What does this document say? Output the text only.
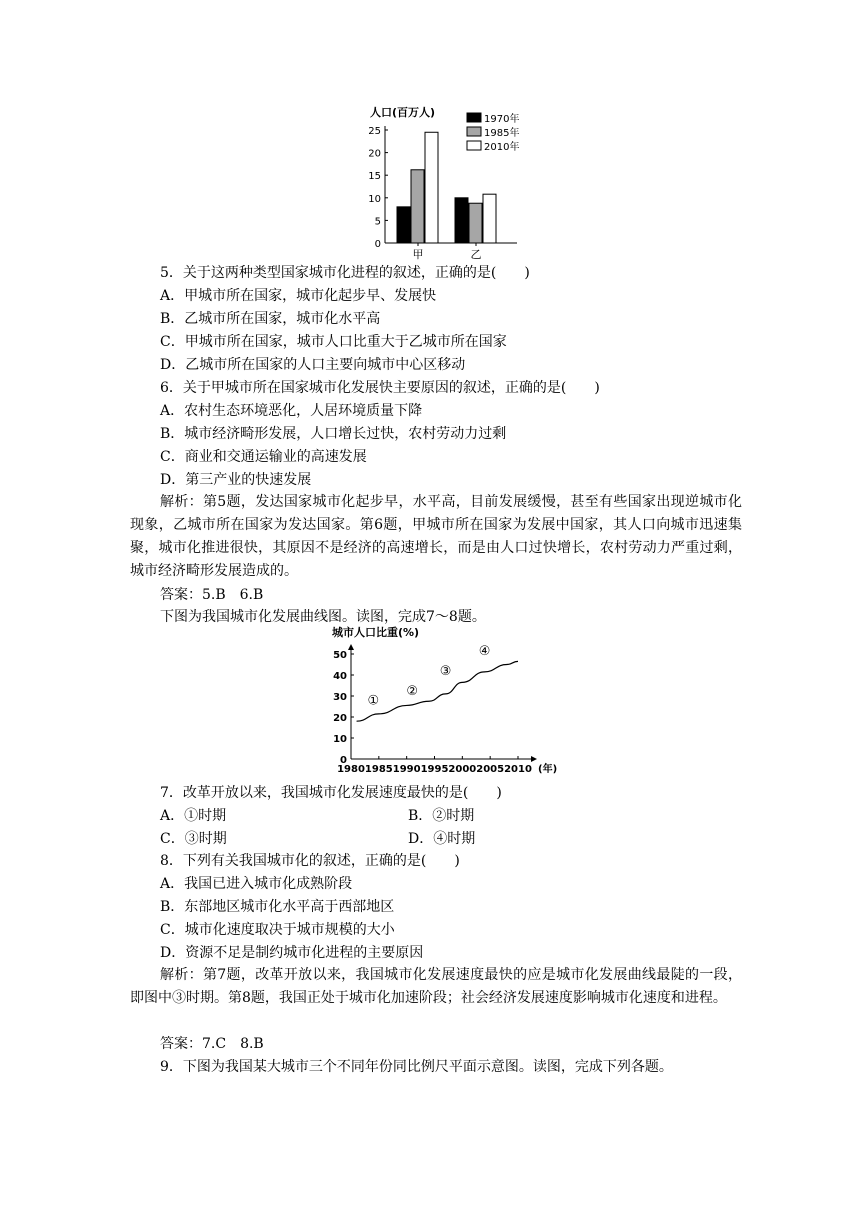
人口(百万人)
0
5
10
15
20
25
甲	乙
1970年
1985年
2010年
5．关于这两种类型国家城市化进程的叙述，正确的是(　　)
A．甲城市所在国家，城市化起步早、发展快
B．乙城市所在国家，城市化水平高
C．甲城市所在国家，城市人口比重大于乙城市所在国家
D．乙城市所在国家的人口主要向城市中心区移动
6．关于甲城市所在国家城市化发展快主要原因的叙述，正确的是(　　)
A．农村生态环境恶化，人居环境质量下降
B．城市经济畸形发展，人口增长过快，农村劳动力过剩
C．商业和交通运输业的高速发展
D．第三产业的快速发展
解析：第5题，发达国家城市化起步早，水平高，目前发展缓慢，甚至有些国家出现逆城市化现象，乙城市所在国家为发达国家。第6题，甲城市所在国家为发展中国家，其人口向城市迅速集聚，城市化推进很快，其原因不是经济的高速增长，而是由人口过快增长，农村劳动力严重过剩，城市经济畸形发展造成的。
答案：5.B　6.B
下图为我国城市化发展曲线图。读图，完成7～8题。
城市人口比重(%)
(年)
0
10
20
30
40
50
1980 1985 1990 1995 2000 2005 2010
①
②
③
④
7．改革开放以来，我国城市化发展速度最快的是(　　)
A．①时期	B．②时期
C．③时期	D．④时期
8．下列有关我国城市化的叙述，正确的是(　　)
A．我国已进入城市化成熟阶段
B．东部地区城市化水平高于西部地区
C．城市化速度取决于城市规模的大小
D．资源不足是制约城市化进程的主要原因
解析：第7题，改革开放以来，我国城市化发展速度最快的应是城市化发展曲线最陡的一段，即图中③时期。第8题，我国正处于城市化加速阶段；社会经济发展速度影响城市化速度和进程。
答案：7.C　8.B
9．下图为我国某大城市三个不同年份同比例尺平面示意图。读图，完成下列各题。
